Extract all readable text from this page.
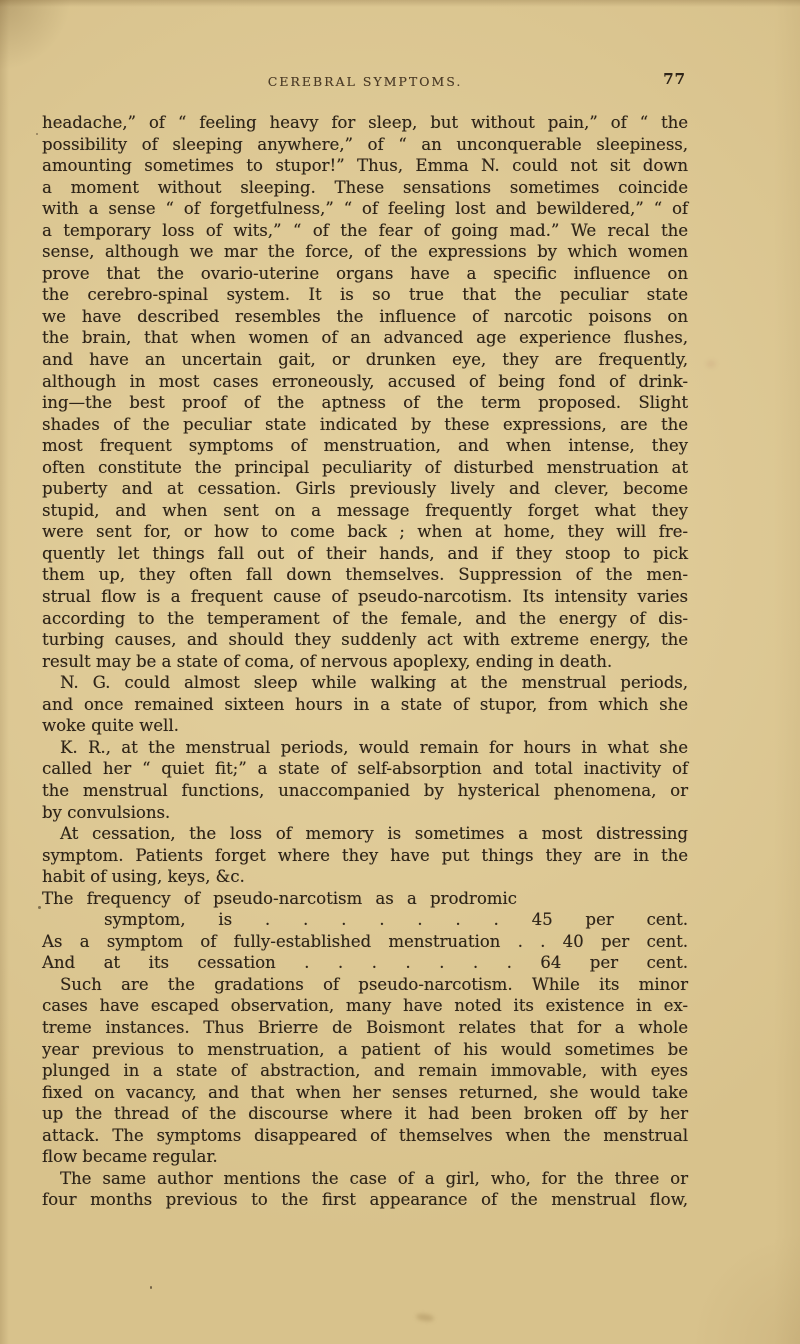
CEREBRAL SYMPTOMS.	77
headache,” of “ feeling heavy for sleep, but without pain,” of “ the
possibility of sleeping anywhere,” of “ an unconquerable sleepiness,
amounting sometimes to stupor!” Thus, Emma N. could not sit down
a moment without sleeping. These sensations sometimes coincide
with a sense “ of forgetfulness,” “ of feeling lost and bewildered,” “ of
a temporary loss of wits,” “ of the fear of going mad.” We recal the
sense, although we mar the force, of the expressions by which women
prove that the ovario-uterine organs have a specific influence on
the cerebro-spinal system. It is so true that the peculiar state
we have described resembles the influence of narcotic poisons on
the brain, that when women of an advanced age experience flushes,
and have an uncertain gait, or drunken eye, they are frequently,
although in most cases erroneously, accused of being fond of drink-
ing—the best proof of the aptness of the term proposed. Slight
shades of the peculiar state indicated by these expressions, are the
most frequent symptoms of menstruation, and when intense, they
often constitute the principal peculiarity of disturbed menstruation at
puberty and at cessation. Girls previously lively and clever, become
stupid, and when sent on a message frequently forget what they
were sent for, or how to come back ; when at home, they will fre-
quently let things fall out of their hands, and if they stoop to pick
them up, they often fall down themselves. Suppression of the men-
strual flow is a frequent cause of pseudo-narcotism. Its intensity varies
according to the temperament of the female, and the energy of dis-
turbing causes, and should they suddenly act with extreme energy, the
result may be a state of coma, of nervous apoplexy, ending in death.
N. G. could almost sleep while walking at the menstrual periods,
and once remained sixteen hours in a state of stupor, from which she
woke quite well.
K. R., at the menstrual periods, would remain for hours in what she
called her “ quiet fit;” a state of self-absorption and total inactivity of
the menstrual functions, unaccompanied by hysterical phenomena, or
by convulsions.
At cessation, the loss of memory is sometimes a most distressing
symptom. Patients forget where they have put things they are in the
habit of using, keys, &c.
The frequency of pseudo-narcotism as a prodromic
symptom, is . . . . . . . 45 per cent.
As a symptom of fully-established menstruation . . 40 per cent.
And at its cessation . . . . . . . 64 per cent.
Such are the gradations of pseudo-narcotism. While its minor
cases have escaped observation, many have noted its existence in ex-
treme instances. Thus Brierre de Boismont relates that for a whole
year previous to menstruation, a patient of his would sometimes be
plunged in a state of abstraction, and remain immovable, with eyes
fixed on vacancy, and that when her senses returned, she would take
up the thread of the discourse where it had been broken off by her
attack. The symptoms disappeared of themselves when the menstrual
flow became regular.
The same author mentions the case of a girl, who, for the three or
four months previous to the first appearance of the menstrual flow,
